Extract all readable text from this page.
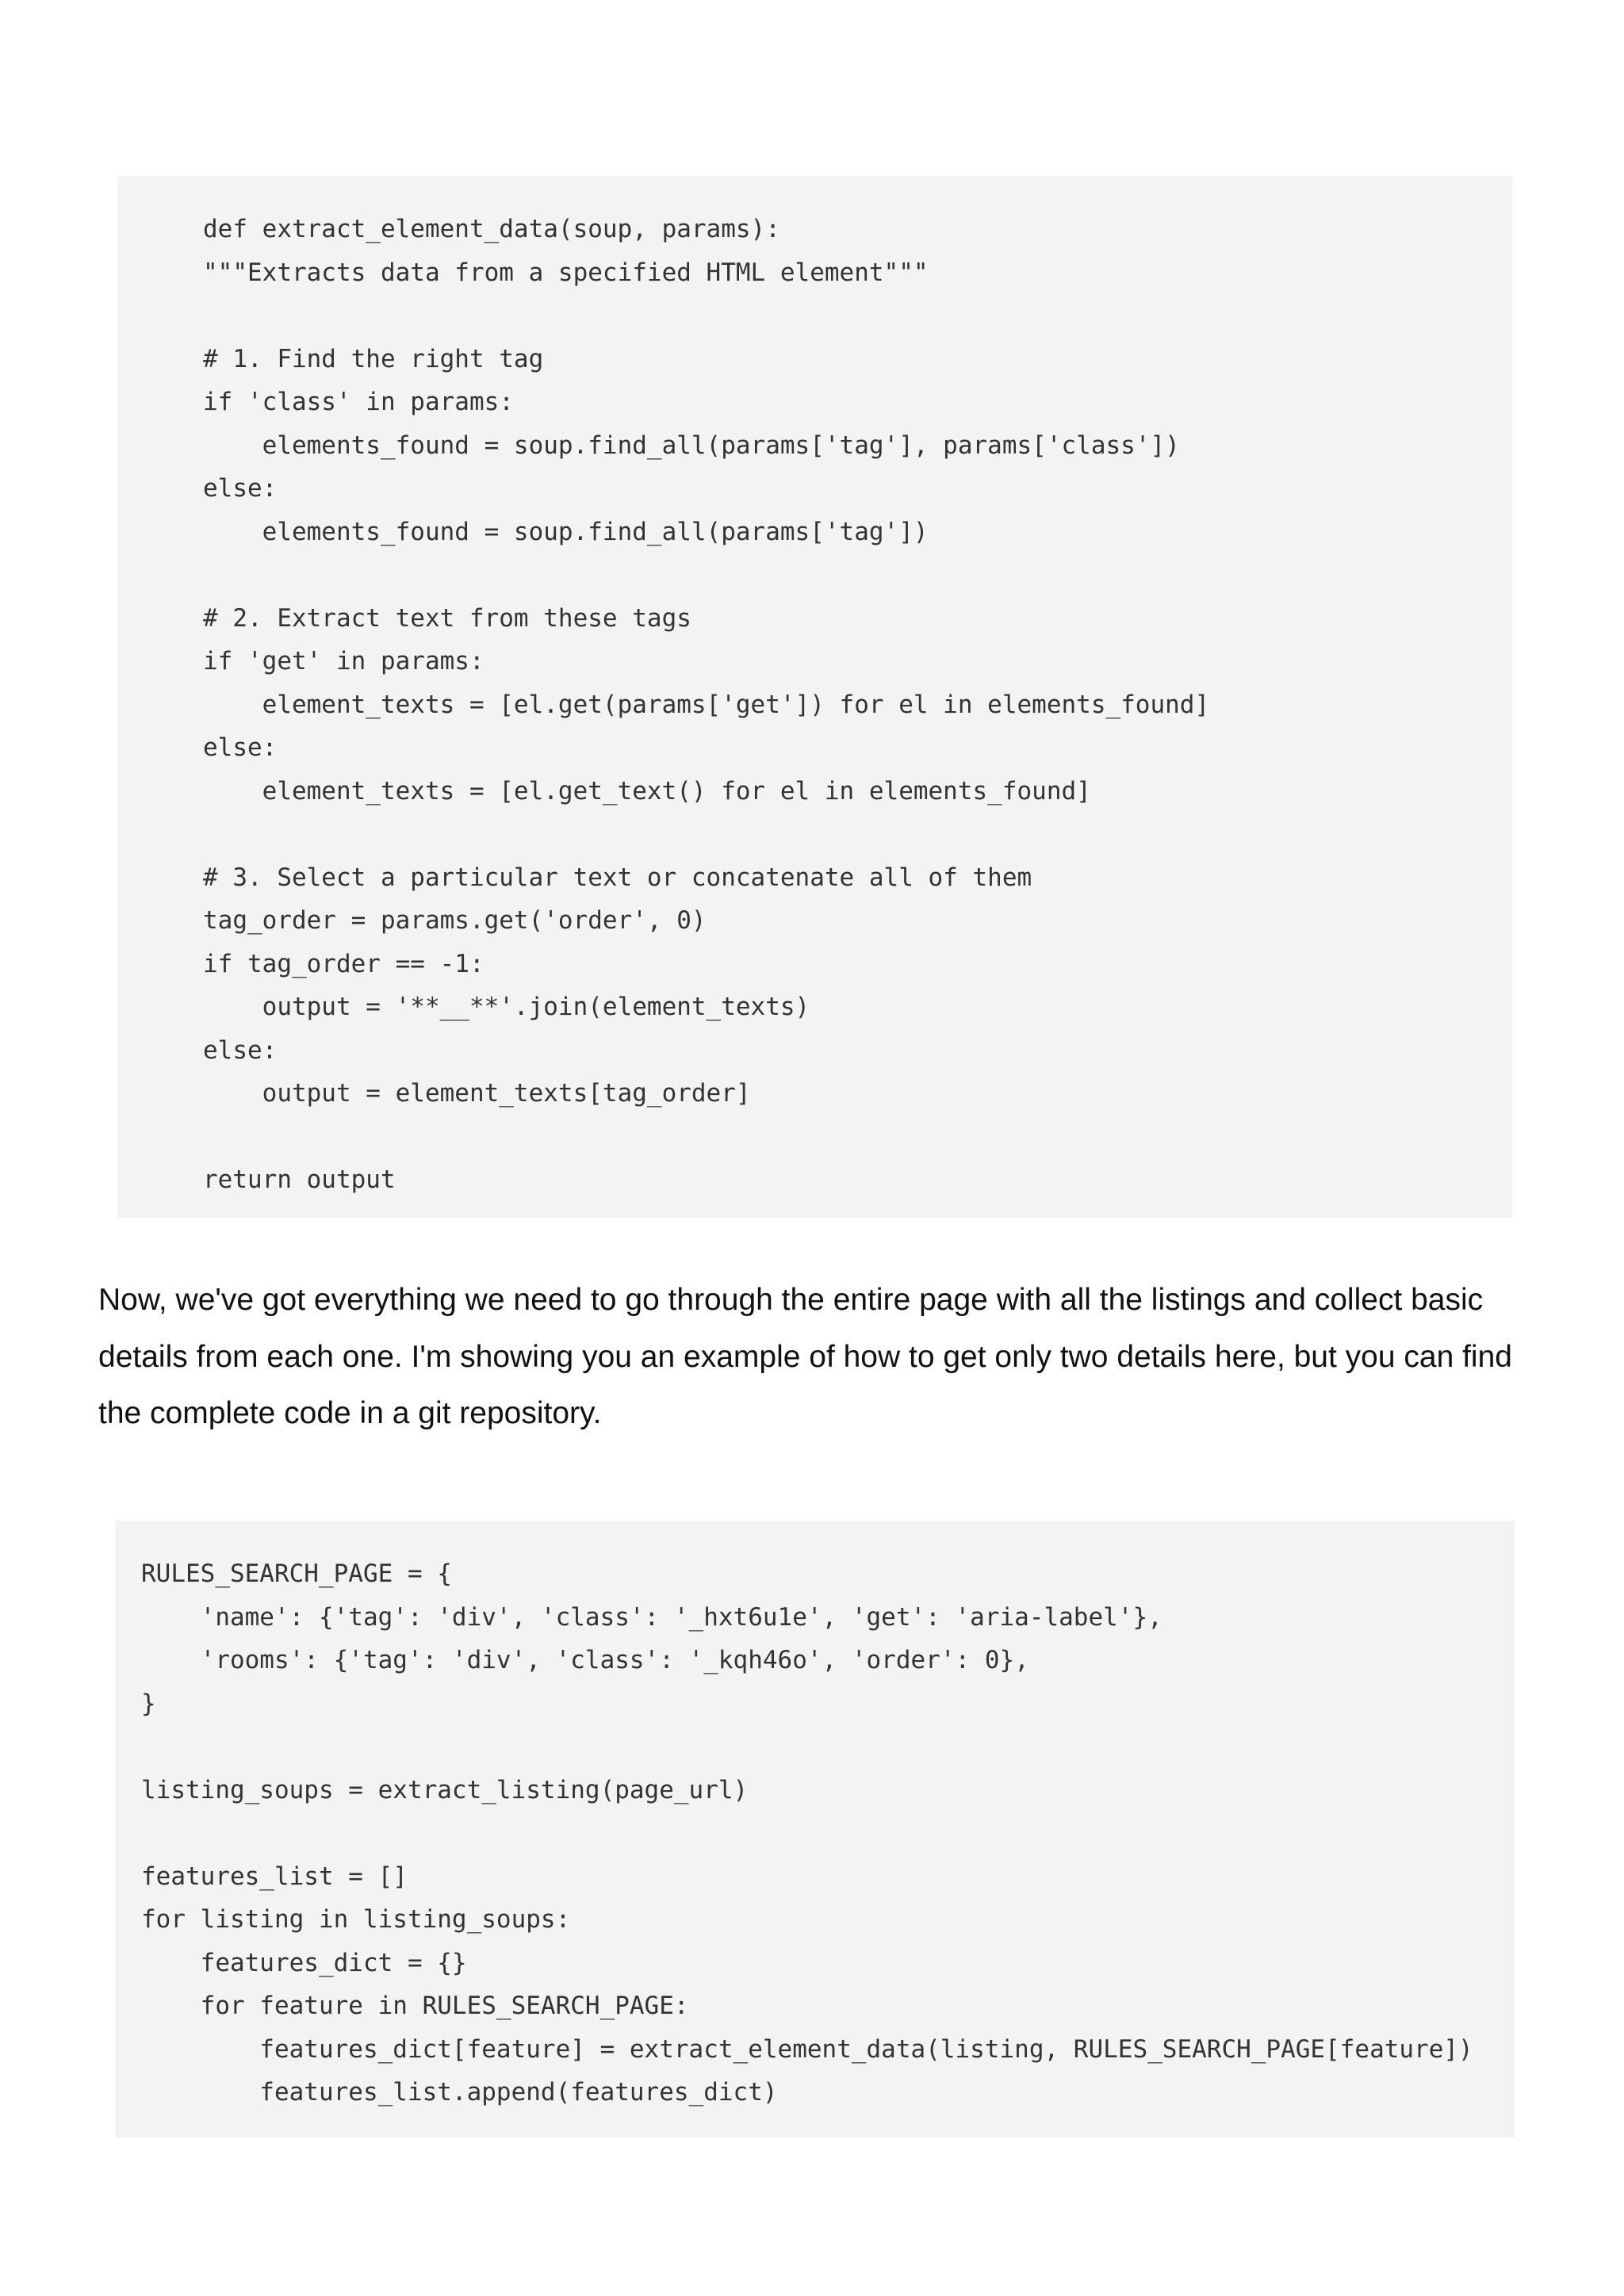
def extract_element_data(soup, params):
"""Extracts data from a specified HTML element"""
# 1. Find the right tag
if 'class' in params:
elements_found = soup.find_all(params['tag'], params['class'])
else:
elements_found = soup.find_all(params['tag'])
# 2. Extract text from these tags
if 'get' in params:
element_texts = [el.get(params['get']) for el in elements_found]
else:
element_texts = [el.get_text() for el in elements_found]
# 3. Select a particular text or concatenate all of them
tag_order = params.get('order', 0)
if tag_order == -1:
output = '**__**'.join(element_texts)
else:
output = element_texts[tag_order]
return output

Now, we've got everything we need to go through the entire page with all the listings and collect basic details from each one. I'm showing you an example of how to get only two details here, but you can find the complete code in a git repository.

RULES_SEARCH_PAGE = {
'name': {'tag': 'div', 'class': '_hxt6u1e', 'get': 'aria-label'},
'rooms': {'tag': 'div', 'class': '_kqh46o', 'order': 0},
}
listing_soups = extract_listing(page_url)
features_list = []
for listing in listing_soups:
features_dict = {}
for feature in RULES_SEARCH_PAGE:
features_dict[feature] = extract_element_data(listing, RULES_SEARCH_PAGE[feature])
features_list.append(features_dict)
